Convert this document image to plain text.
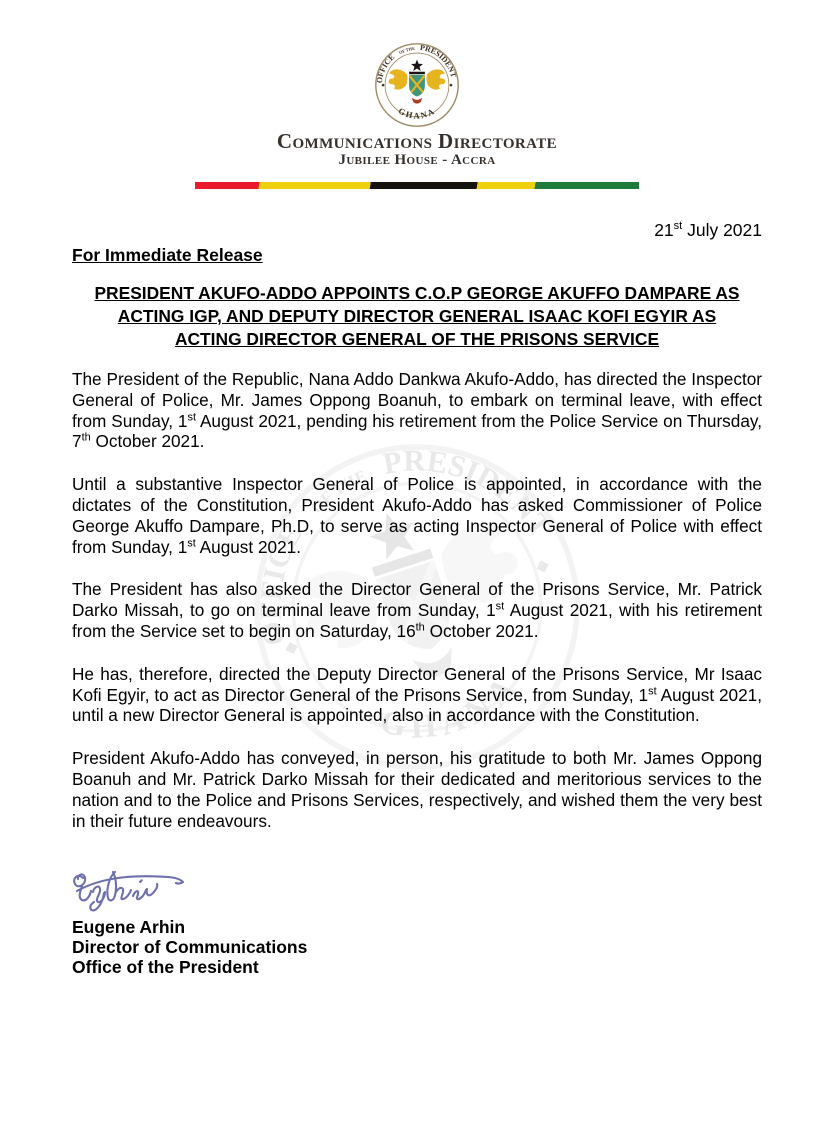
OFFICE
OF THE PRESIDENT
GHANA
Communications Directorate
Jubilee House - Accra
21st July 2021
For Immediate Release
PRESIDENT AKUFO-ADDO APPOINTS C.O.P GEORGE AKUFFO DAMPARE AS
ACTING IGP, AND DEPUTY DIRECTOR GENERAL ISAAC KOFI EGYIR AS
ACTING DIRECTOR GENERAL OF THE PRISONS SERVICE

The President of the Republic, Nana Addo Dankwa Akufo-Addo, has directed the Inspector General of Police, Mr. James Oppong Boanuh, to embark on terminal leave, with effect from Sunday, 1st August 2021, pending his retirement from the Police Service on Thursday, 7th October 2021.

Until a substantive Inspector General of Police is appointed, in accordance with the dictates of the Constitution, President Akufo-Addo has asked Commissioner of Police George Akuffo Dampare, Ph.D, to serve as acting Inspector General of Police with effect from Sunday, 1st August 2021.

The President has also asked the Director General of the Prisons Service, Mr. Patrick Darko Missah, to go on terminal leave from Sunday, 1st August 2021, with his retirement from the Service set to begin on Saturday, 16th October 2021.

He has, therefore, directed the Deputy Director General of the Prisons Service, Mr Isaac Kofi Egyir, to act as Director General of the Prisons Service, from Sunday, 1st August 2021, until a new Director General is appointed, also in accordance with the Constitution.

President Akufo-Addo has conveyed, in person, his gratitude to both Mr. James Oppong Boanuh and Mr. Patrick Darko Missah for their dedicated and meritorious services to the nation and to the Police and Prisons Services, respectively, and wished them the very best in their future endeavours.

Eugene Arhin
Director of Communications
Office of the President
